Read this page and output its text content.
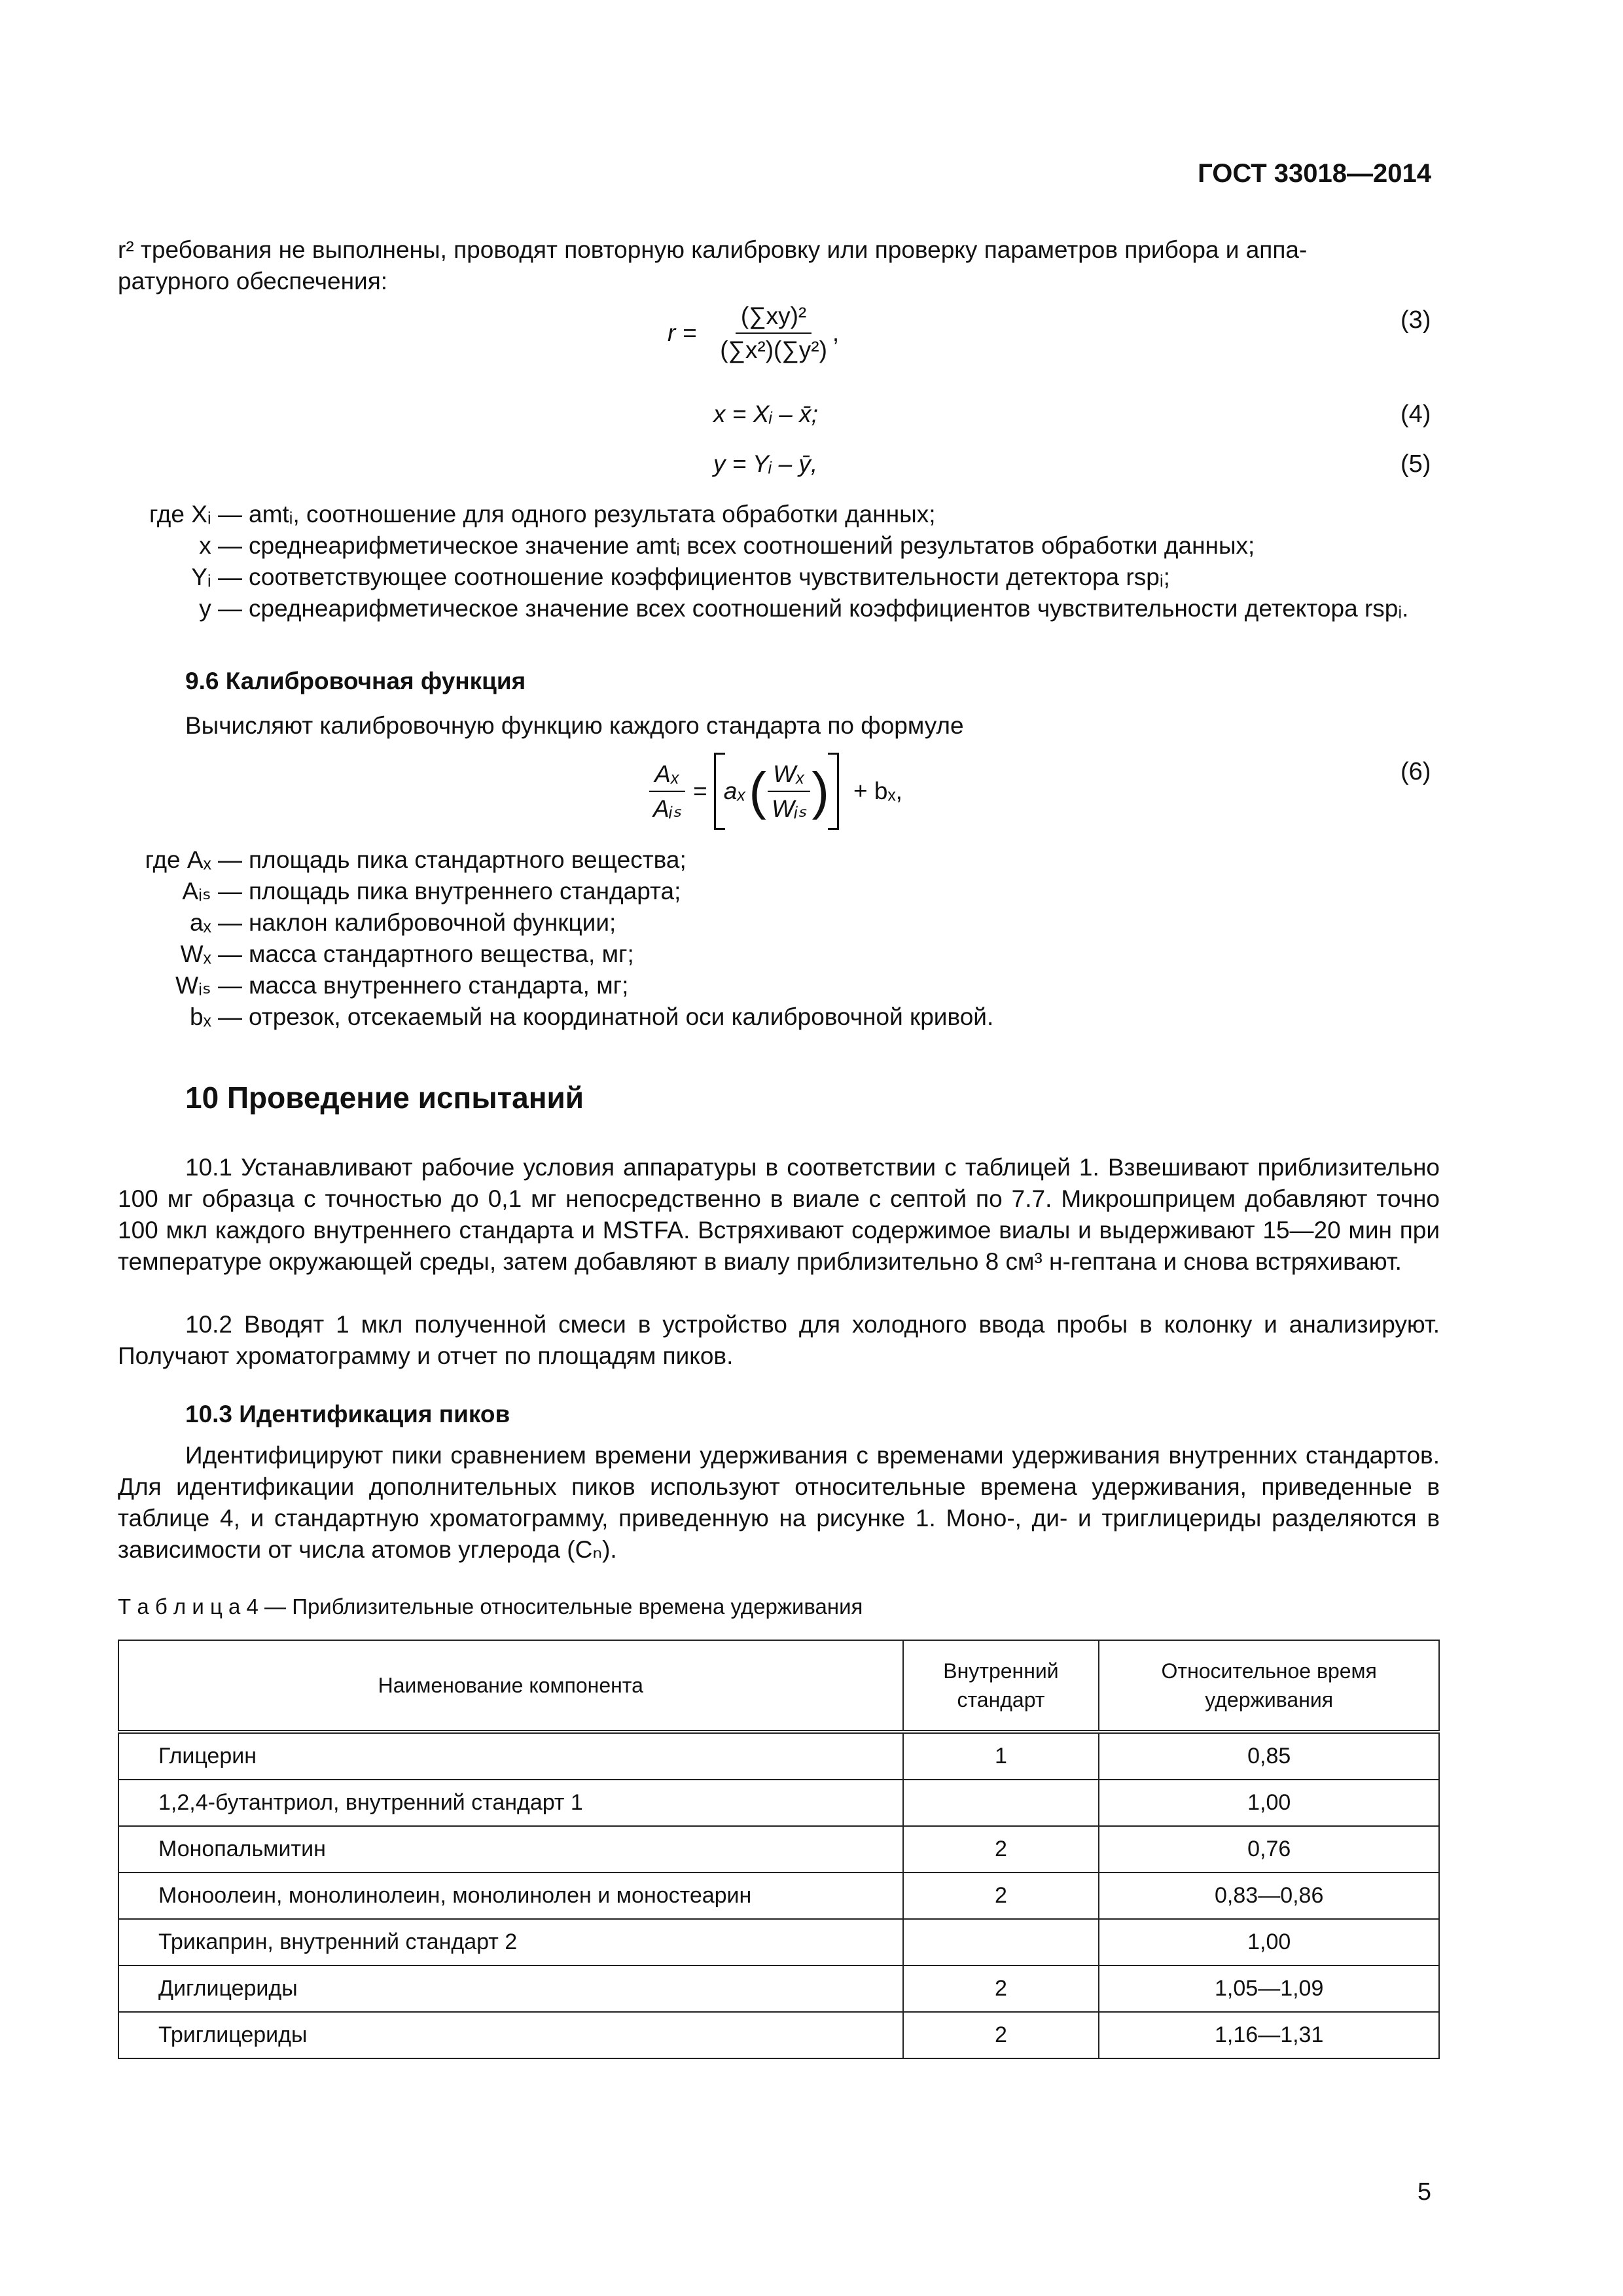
ГОСТ 33018—2014
r² требования не выполнены, проводят повторную калибровку или проверку параметров прибора и аппа-
ратурного обеспечения:
$r = \frac{\text{(∑xy)²}}{\text{(∑x²)(∑y²)}}$ ,	(3)
x = Xᵢ – x̄;	(4)
y = Yᵢ – ȳ,	(5)
где Xᵢ — amtᵢ, соотношение для одного результата обработки данных;
x — среднеарифметическое значение amtᵢ всех соотношений результатов обработки данных;
Yᵢ — соответствующее соотношение коэффициентов чувствительности детектора rspᵢ;
y — среднеарифметическое значение всех соотношений коэффициентов чувствительности детектора rspᵢ.
9.6 Калибровочная функция
Вычисляют калибровочную функцию каждого стандарта по формуле
$\frac{\text{Aₓ}}{\text{Aᵢₛ}} = a_x$ ( $\frac{\text{Wₓ}}{\text{Wᵢₛ}}$ ) + bₓ,
(6)
где Aₓ — площадь пика стандартного вещества;
Aᵢₛ — площадь пика внутреннего стандарта;
aₓ — наклон калибровочной функции;
Wₓ — масса стандартного вещества, мг;
Wᵢₛ — масса внутреннего стандарта, мг;
bₓ — отрезок, отсекаемый на координатной оси калибровочной кривой.
10 Проведение испытаний
10.1 Устанавливают рабочие условия аппаратуры в соответствии с таблицей 1. Взвешивают приблизительно 100 мг образца с точностью до 0,1 мг непосредственно в виале с септой по 7.7. Микрошприцем добавляют точно 100 мкл каждого внутреннего стандарта и MSTFA. Встряхивают содержимое виалы и выдерживают 15—20 мин при температуре окружающей среды, затем добавляют в виалу приблизительно 8 см³ н-гептана и снова встряхивают.
10.2 Вводят 1 мкл полученной смеси в устройство для холодного ввода пробы в колонку и анализируют. Получают хроматограмму и отчет по площадям пиков.
10.3 Идентификация пиков
Идентифицируют пики сравнением времени удерживания с временами удерживания внутренних стандартов. Для идентификации дополнительных пиков используют относительные времена удерживания, приведенные в таблице 4, и стандартную хроматограмму, приведенную на рисунке 1. Моно-, ди- и триглицериды разделяются в зависимости от числа атомов углерода (Cₙ).
Т а б л и ц а 4 — Приблизительные относительные времена удерживания
Наименование компонента	Внутренний стандарт	Относительное время удерживания
Глицерин	1	0,85
1,2,4-бутантриол, внутренний стандарт 1		1,00
Монопальмитин	2	0,76
Моноолеин, монолинолеин, монолинолен и моностеарин	2	0,83—0,86
Трикаприн, внутренний стандарт 2		1,00
Диглицериды	2	1,05—1,09
Триглицериды	2	1,16—1,31
5
